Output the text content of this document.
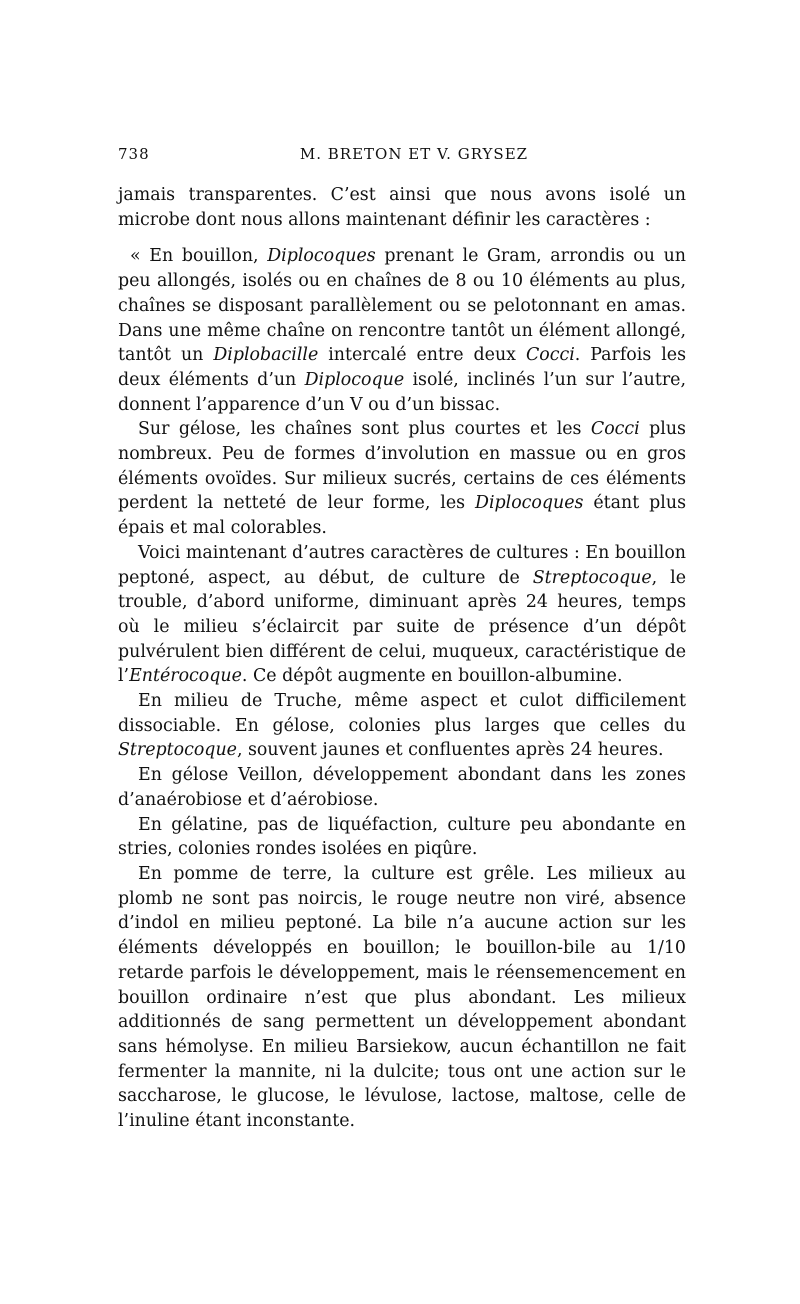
738	M. BRETON ET V. GRYSEZ

jamais transparentes. C’est ainsi que nous avons isolé un microbe dont nous allons maintenant définir les caractères :

« En bouillon, Diplocoques prenant le Gram, arrondis ou un peu allongés, isolés ou en chaînes de 8 ou 10 éléments au plus, chaînes se disposant parallèlement ou se pelotonnant en amas. Dans une même chaîne on rencontre tantôt un élément allongé, tantôt un Diplobacille intercalé entre deux Cocci. Parfois les deux éléments d’un Diplocoque isolé, inclinés l’un sur l’autre, donnent l’apparence d’un V ou d’un bissac.

Sur gélose, les chaînes sont plus courtes et les Cocci plus nombreux. Peu de formes d’involution en massue ou en gros éléments ovoïdes. Sur milieux sucrés, certains de ces éléments perdent la netteté de leur forme, les Diplocoques étant plus épais et mal colorables.

Voici maintenant d’autres caractères de cultures : En bouillon peptoné, aspect, au début, de culture de Streptocoque, le trouble, d’abord uniforme, diminuant après 24 heures, temps où le milieu s’éclaircit par suite de présence d’un dépôt pulvérulent bien différent de celui, muqueux, caractéristique de l’Entérocoque. Ce dépôt augmente en bouillon-albumine.

En milieu de Truche, même aspect et culot difficilement dissociable. En gélose, colonies plus larges que celles du Streptocoque, souvent jaunes et confluentes après 24 heures.

En gélose Veillon, développement abondant dans les zones d’anaérobiose et d’aérobiose.

En gélatine, pas de liquéfaction, culture peu abondante en stries, colonies rondes isolées en piqûre.

En pomme de terre, la culture est grêle. Les milieux au plomb ne sont pas noircis, le rouge neutre non viré, absence d’indol en milieu peptoné. La bile n’a aucune action sur les éléments développés en bouillon; le bouillon-bile au 1/10 retarde parfois le développement, mais le réensemencement en bouillon ordinaire n’est que plus abondant. Les milieux additionnés de sang permettent un développement abondant sans hémolyse. En milieu Barsiekow, aucun échantillon ne fait fermenter la mannite, ni la dulcite; tous ont une action sur le saccharose, le glucose, le lévulose, lactose, maltose, celle de l’inuline étant inconstante.
